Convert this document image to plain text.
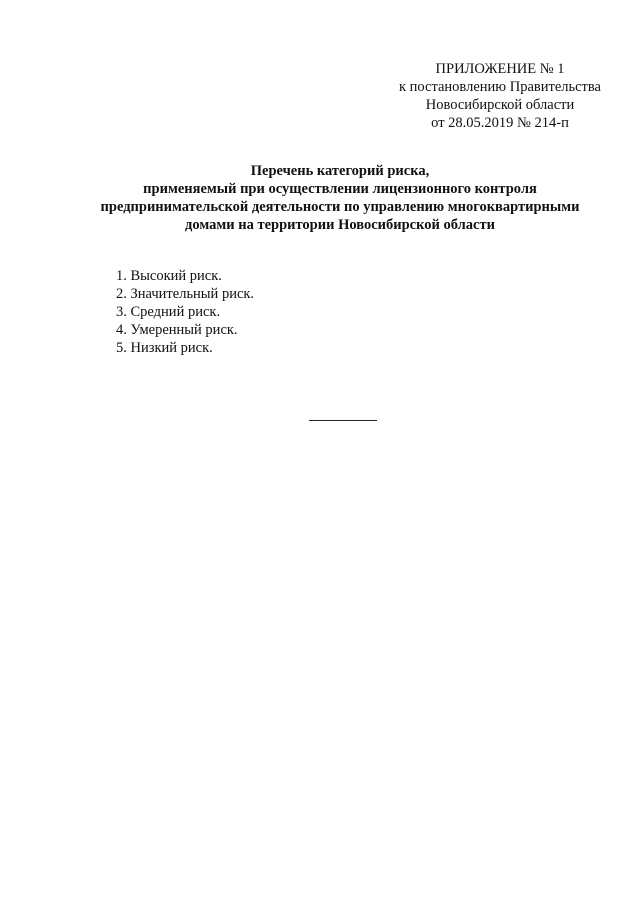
ПРИЛОЖЕНИЕ № 1
к постановлению Правительства
Новосибирской области
от 28.05.2019 № 214-п
Перечень категорий риска,
применяемый при осуществлении лицензионного контроля
предпринимательской деятельности по управлению многоквартирными
домами на территории Новосибирской области
1. Высокий риск.
2. Значительный риск.
3. Средний риск.
4. Умеренный риск.
5. Низкий риск.
